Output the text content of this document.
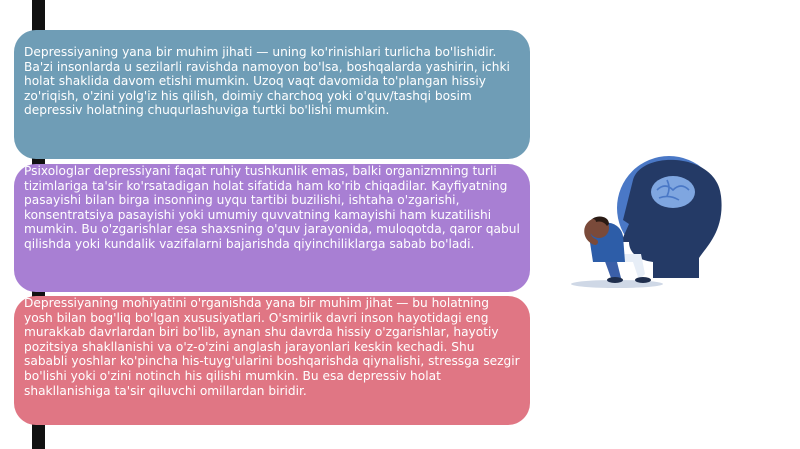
Depressiyaning yana bir muhim jihati — uning ko'rinishlari turlicha bo'lishidir. Ba'zi insonlarda u sezilarli ravishda namoyon bo'lsa, boshqalarda yashirin, ichki holat shaklida davom etishi mumkin. Uzoq vaqt davomida to'plangan hissiy zo'riqish, o'zini yolg'iz his qilish, doimiy charchoq yoki o'quv/tashqi bosim depressiv holatning chuqurlashuviga turtki bo'lishi mumkin.

Psixologlar depressiyani faqat ruhiy tushkunlik emas, balki organizmning turli tizimlariga ta'sir ko'rsatadigan holat sifatida ham ko'rib chiqadilar. Kayfiyatning pasayishi bilan birga insonning uyqu tartibi buzilishi, ishtaha o'zgarishi, konsentratsiya pasayishi yoki umumiy quvvatning kamayishi ham kuzatilishi mumkin. Bu o'zgarishlar esa shaxsning o'quv jarayonida, muloqotda, qaror qabul qilishda yoki kundalik vazifalarni bajarishda qiyinchiliklarga sabab bo'ladi.

Depressiyaning mohiyatini o'rganishda yana bir muhim jihat — bu holatning yosh bilan bog'liq bo'lgan xususiyatlari. O'smirlik davri inson hayotidagi eng murakkab davrlardan biri bo'lib, aynan shu davrda hissiy o'zgarishlar, hayotiy pozitsiya shakllanishi va o'z-o'zini anglash jarayonlari keskin kechadi. Shu sababli yoshlar ko'pincha his-tuyg'ularini boshqarishda qiynalishi, stressga sezgir bo'lishi yoki o'zini notinch his qilishi mumkin. Bu esa depressiv holat shakllanishiga ta'sir qiluvchi omillardan biridir.
